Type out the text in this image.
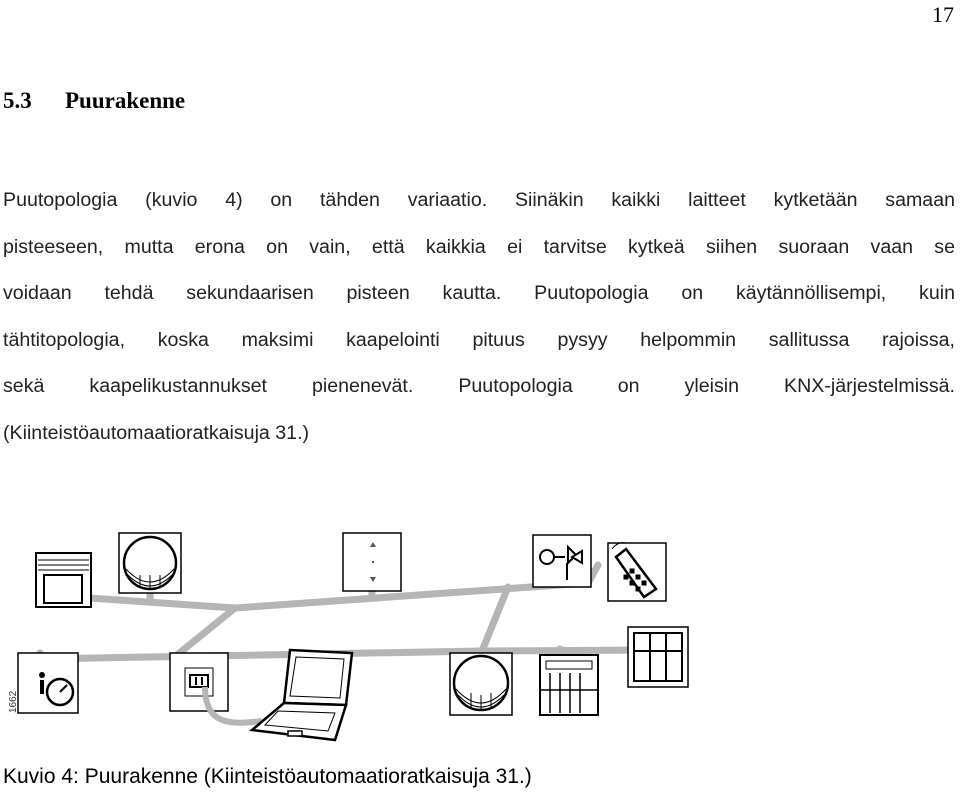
17
5.3 Puurakenne
Puutopologia (kuvio 4) on tähden variaatio. Siinäkin kaikki laitteet kytketään samaan
pisteeseen, mutta erona on vain, että kaikkia ei tarvitse kytkeä siihen suoraan vaan se
voidaan tehdä sekundaarisen pisteen kautta. Puutopologia on käytännöllisempi, kuin
tähtitopologia, koska maksimi kaapelointi pituus pysyy helpommin sallitussa rajoissa,
sekä kaapelikustannukset pienenevät. Puutopologia on yleisin KNX-järjestelmissä.
(Kiinteistöautomaatioratkaisuja 31.)
1662
Kuvio 4: Puurakenne (Kiinteistöautomaatioratkaisuja 31.)
